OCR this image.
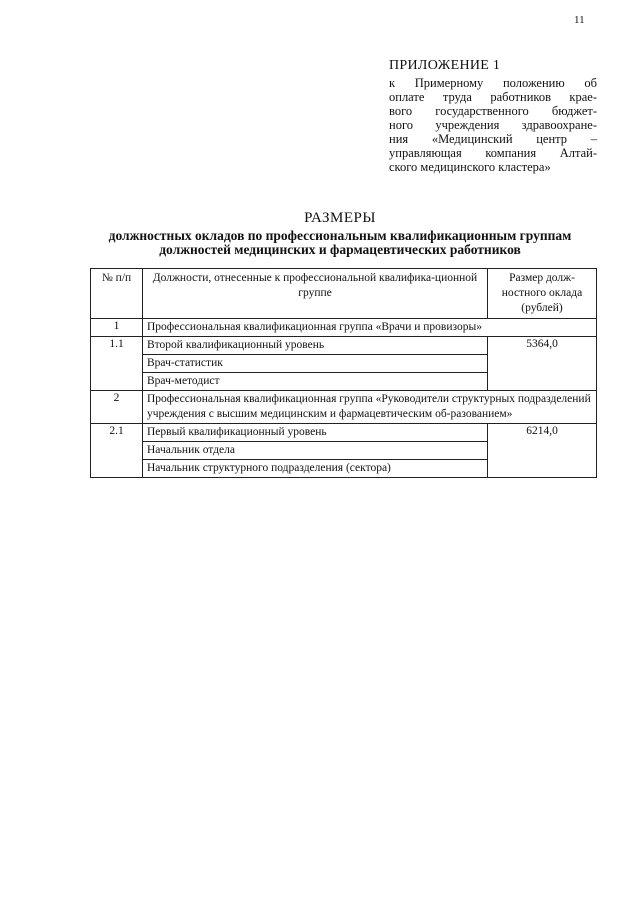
11
ПРИЛОЖЕНИЕ 1
к Примерному положению об
оплате труда работников крае-
вого государственного бюджет-
ного учреждения здравоохране-
ния «Медицинский центр –
управляющая компания Алтай-
ского медицинского кластера»
РАЗМЕРЫ
должностных окладов по профессиональным квалификационным группам
должностей медицинских и фармацевтических работников
№ п/п	Должности, отнесенные к профессиональной квалифика-ционной группе	Размер долж-ностного оклада (рублей)
1	Профессиональная квалификационная группа «Врачи и провизоры»	
1.1	Второй квалификационный уровень	5364,0
	Врач-статистик	
	Врач-методист	
2	Профессиональная квалификационная группа «Руководители структурных подразделений учреждения с высшим медицинским и фармацевтическим об-разованием»	
2.1	Первый квалификационный уровень	6214,0
	Начальник отдела	
	Начальник структурного подразделения (сектора)	
